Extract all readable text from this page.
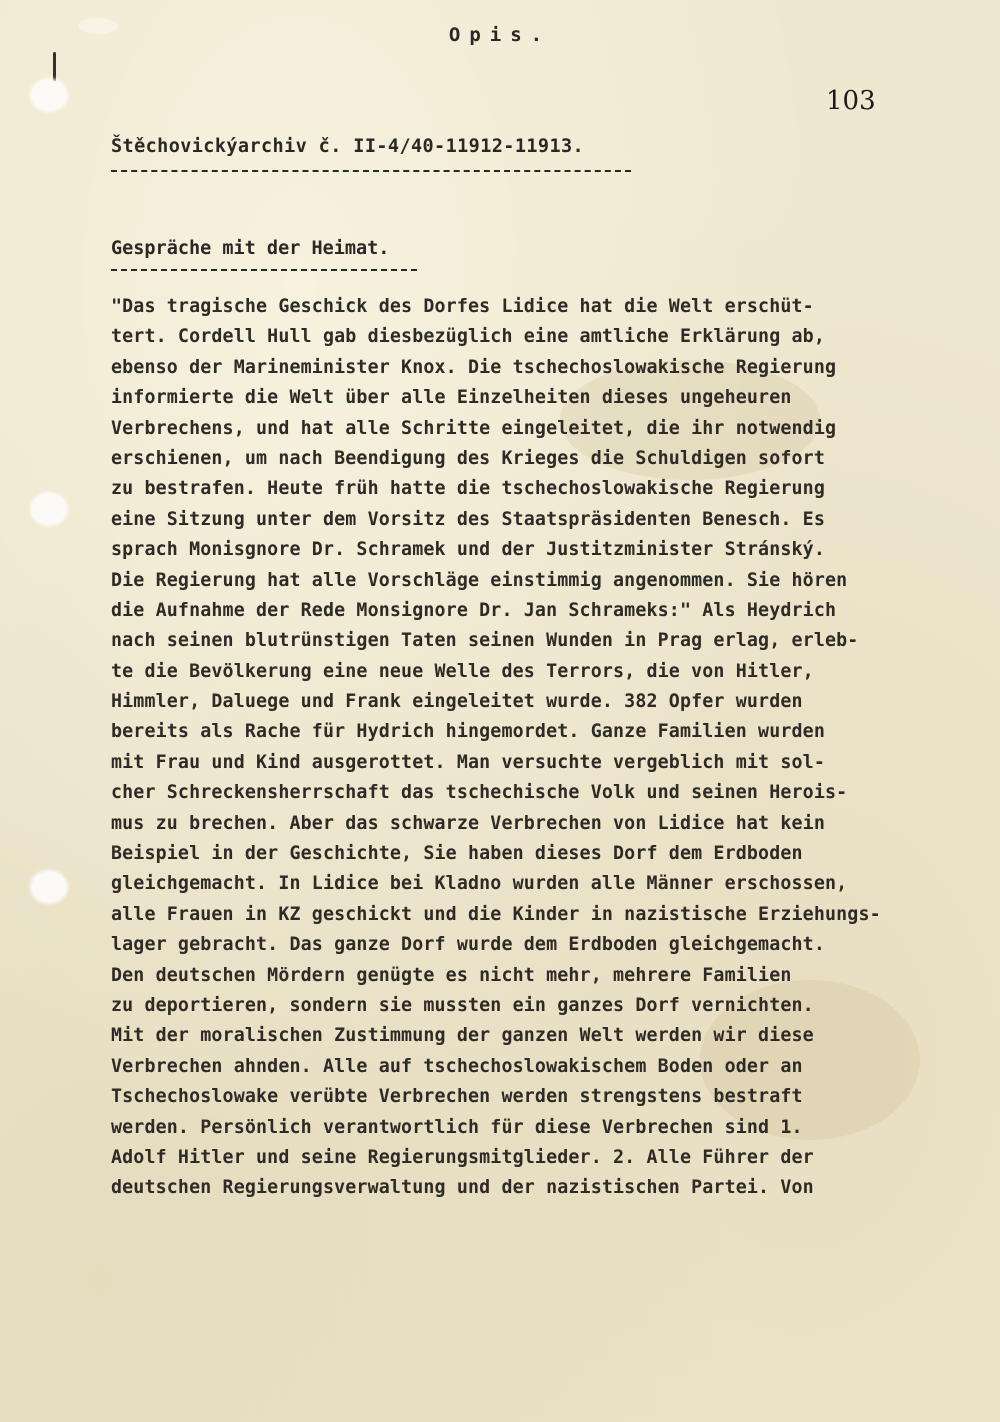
Opis.
103
Štěchovickýarchiv č. II-4/40-11912-11913.
Gespräche mit der Heimat.
"Das tragische Geschick des Dorfes Lidice hat die Welt erschüt-
tert. Cordell Hull gab diesbezüglich eine amtliche Erklärung ab,
ebenso der Marineminister Knox. Die tschechoslowakische Regierung
informierte die Welt über alle Einzelheiten dieses ungeheuren
Verbrechens, und hat alle Schritte eingeleitet, die ihr notwendig
erschienen, um nach Beendigung des Krieges die Schuldigen sofort
zu bestrafen. Heute früh hatte die tschechoslowakische Regierung
eine Sitzung unter dem Vorsitz des Staatspräsidenten Benesch. Es
sprach Monisgnore Dr. Schramek und der Justitzminister Stránský.
Die Regierung hat alle Vorschläge einstimmig angenommen. Sie hören
die Aufnahme der Rede Monsignore Dr. Jan Schrameks:" Als Heydrich
nach seinen blutrünstigen Taten seinen Wunden in Prag erlag, erleb-
te die Bevölkerung eine neue Welle des Terrors, die von Hitler,
Himmler, Daluege und Frank eingeleitet wurde. 382 Opfer wurden
bereits als Rache für Hydrich hingemordet. Ganze Familien wurden
mit Frau und Kind ausgerottet. Man versuchte vergeblich mit sol-
cher Schreckensherrschaft das tschechische Volk und seinen Herois-
mus zu brechen. Aber das schwarze Verbrechen von Lidice hat kein
Beispiel in der Geschichte, Sie haben dieses Dorf dem Erdboden
gleichgemacht. In Lidice bei Kladno wurden alle Männer erschossen,
alle Frauen in KZ geschickt und die Kinder in nazistische Erziehungs-
lager gebracht. Das ganze Dorf wurde dem Erdboden gleichgemacht.
Den deutschen Mördern genügte es nicht mehr, mehrere Familien
zu deportieren, sondern sie mussten ein ganzes Dorf vernichten.
Mit der moralischen Zustimmung der ganzen Welt werden wir diese
Verbrechen ahnden. Alle auf tschechoslowakischem Boden oder an
Tschechoslowake verübte Verbrechen werden strengstens bestraft
werden. Persönlich verantwortlich für diese Verbrechen sind 1.
Adolf Hitler und seine Regierungsmitglieder. 2. Alle Führer der
deutschen Regierungsverwaltung und der nazistischen Partei. Von
